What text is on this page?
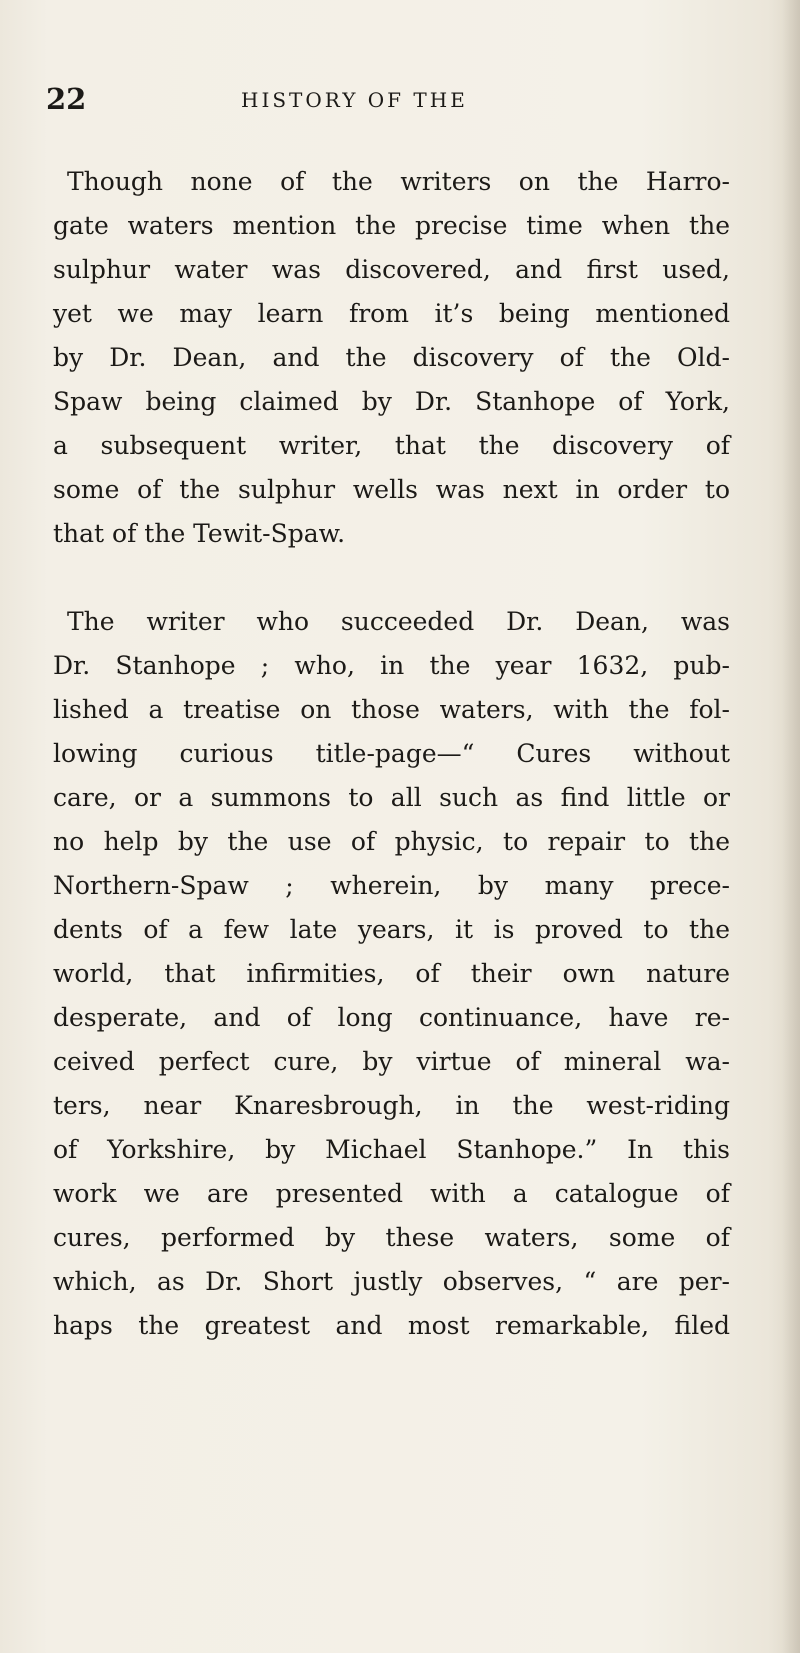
22	HISTORY OF THE
Though none of the writers on the Harro-
gate waters mention the precise time when the
sulphur water was discovered, and first used,
yet we may learn from it’s being mentioned
by Dr. Dean, and the discovery of the Old-
Spaw being claimed by Dr. Stanhope of York,
a subsequent writer, that the discovery of
some of the sulphur wells was next in order to
that of the Tewit-Spaw.
The writer who succeeded Dr. Dean, was
Dr. Stanhope ; who, in the year 1632, pub-
lished a treatise on those waters, with the fol-
lowing curious title-page—“ Cures without
care, or a summons to all such as find little or
no help by the use of physic, to repair to the
Northern-Spaw ; wherein, by many prece-
dents of a few late years, it is proved to the
world, that infirmities, of their own nature
desperate, and of long continuance, have re-
ceived perfect cure, by virtue of mineral wa-
ters, near Knaresbrough, in the west-riding
of Yorkshire, by Michael Stanhope.” In this
work we are presented with a catalogue of
cures, performed by these waters, some of
which, as Dr. Short justly observes, “ are per-
haps the greatest and most remarkable, filed
